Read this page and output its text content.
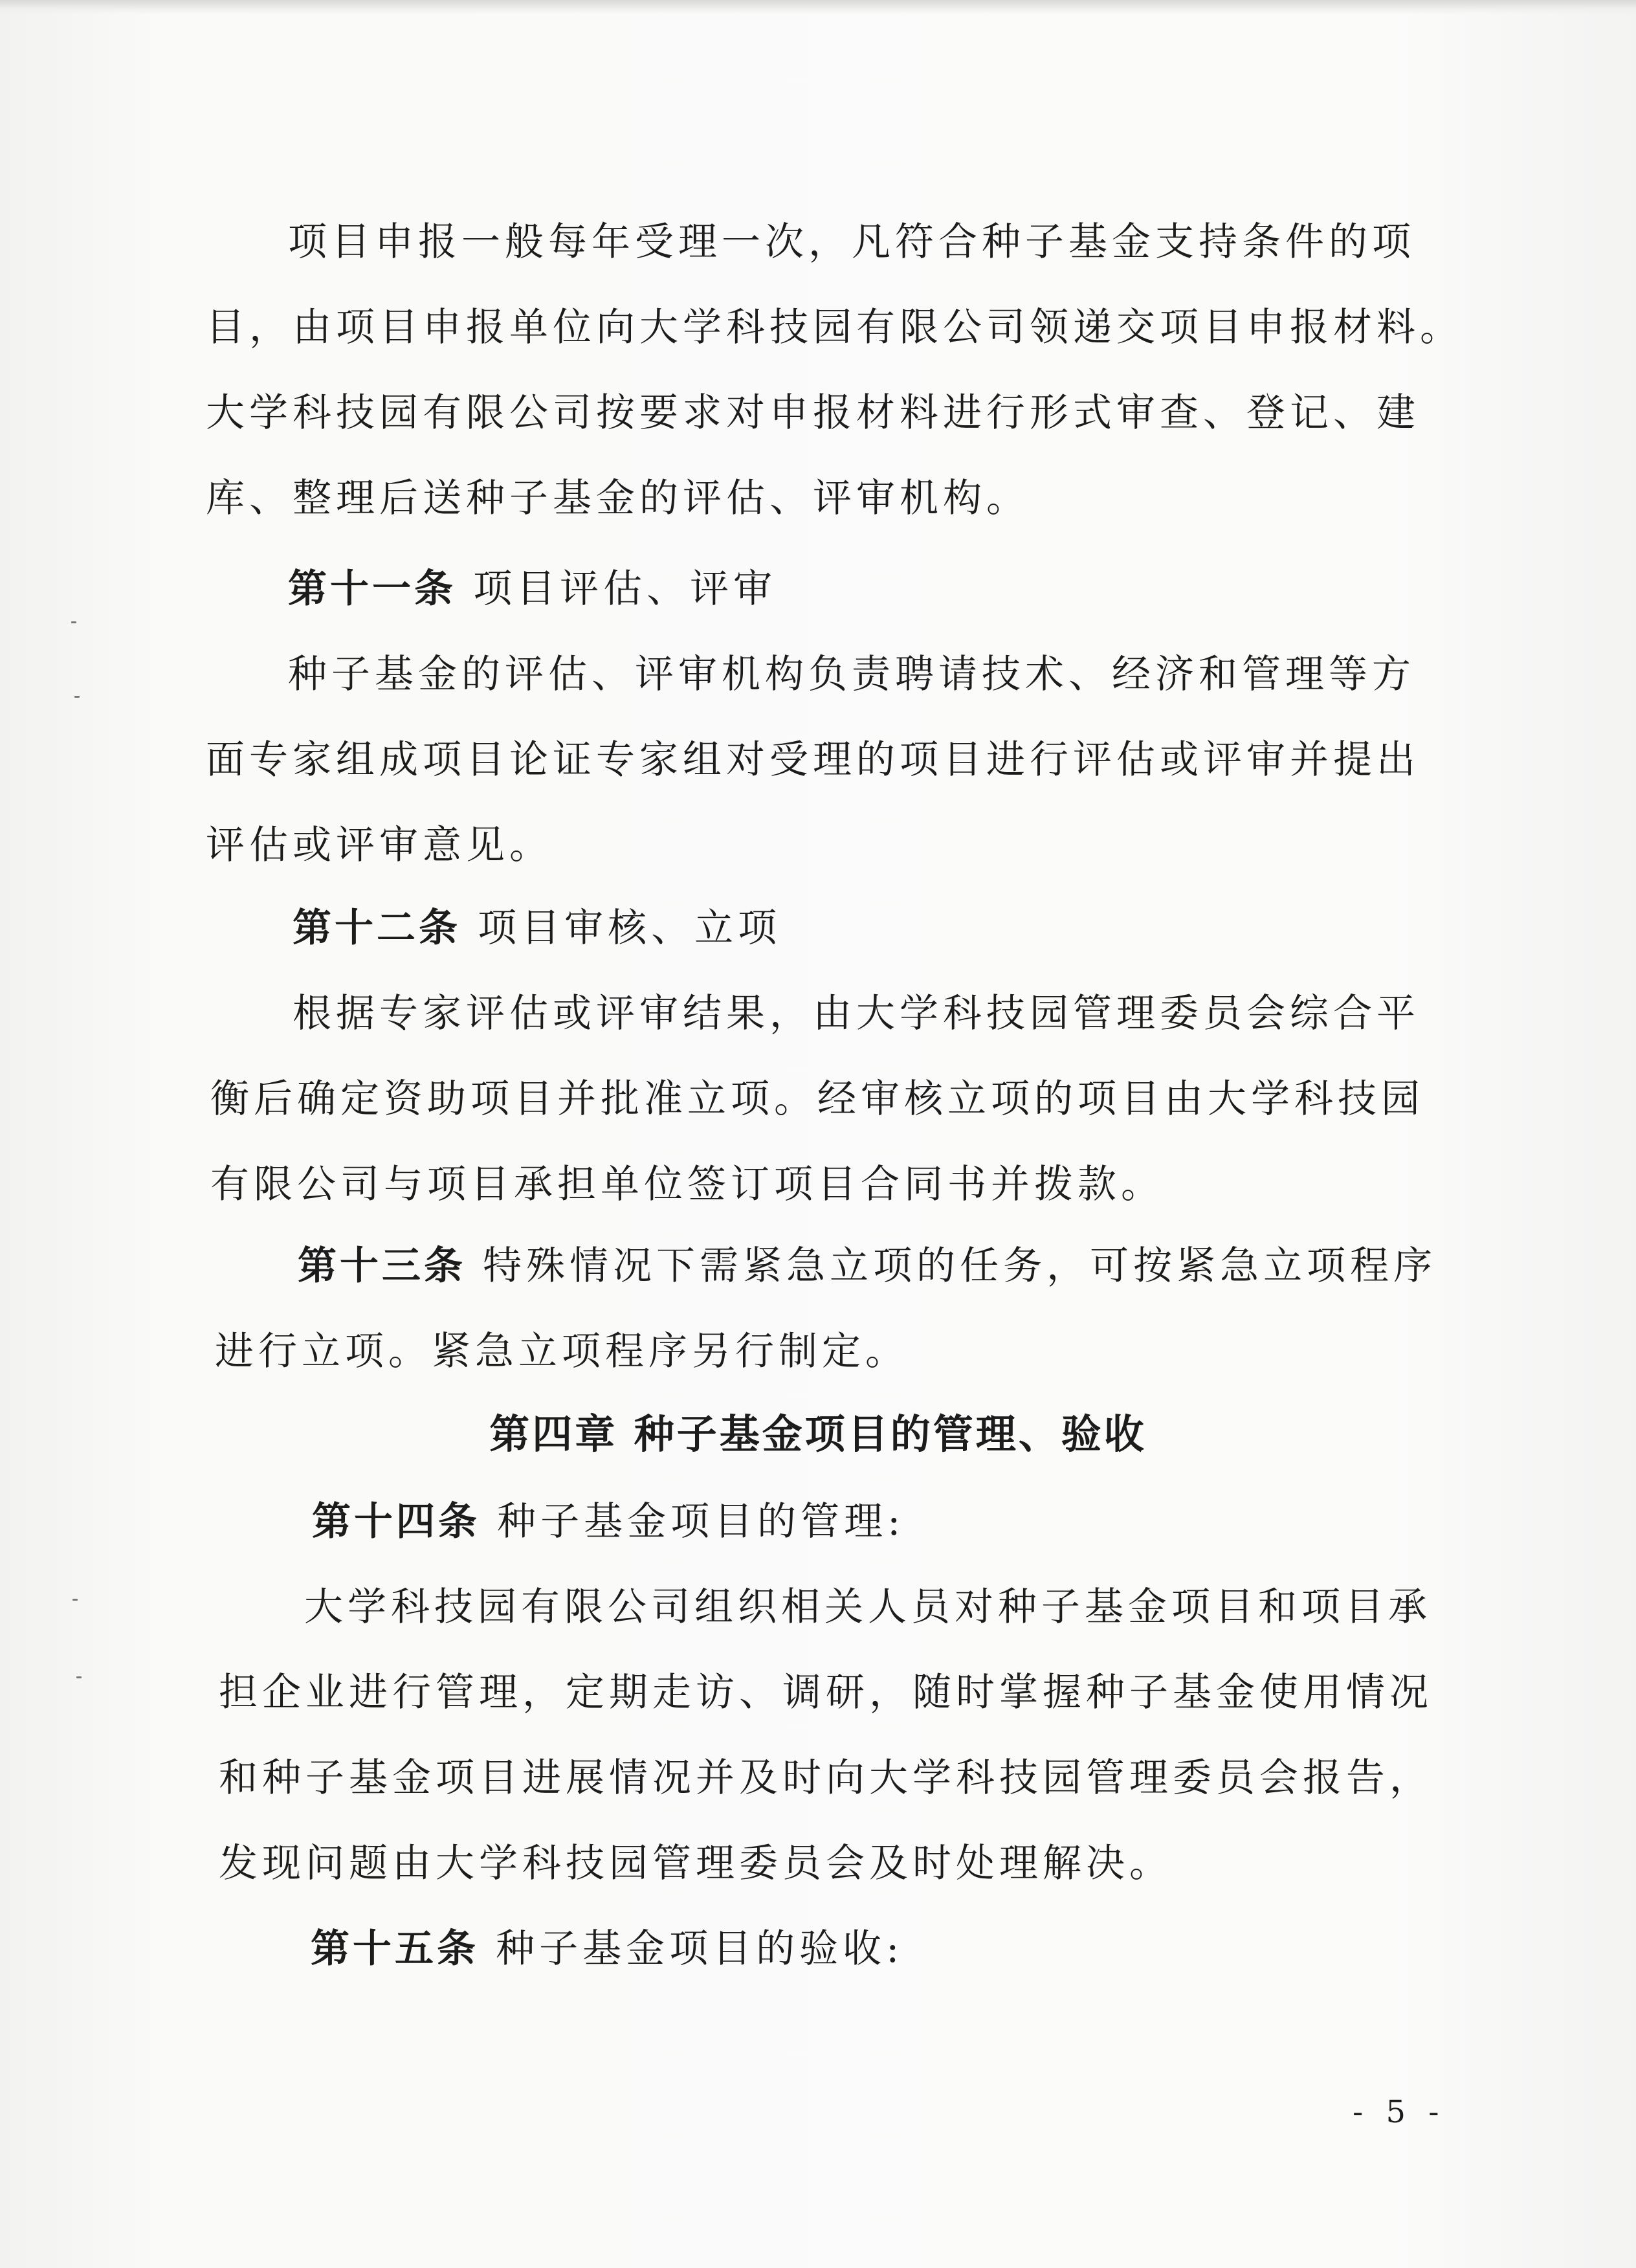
项目申报一般每年受理一次，凡符合种子基金支持条件的项
目，由项目申报单位向大学科技园有限公司领递交项目申报材料。
大学科技园有限公司按要求对申报材料进行形式审查、登记、建
库、整理后送种子基金的评估、评审机构。
第十一条 项目评估、评审
种子基金的评估、评审机构负责聘请技术、经济和管理等方
面专家组成项目论证专家组对受理的项目进行评估或评审并提出
评估或评审意见。
第十二条 项目审核、立项
根据专家评估或评审结果，由大学科技园管理委员会综合平
衡后确定资助项目并批准立项。经审核立项的项目由大学科技园
有限公司与项目承担单位签订项目合同书并拨款。
第十三条 特殊情况下需紧急立项的任务，可按紧急立项程序
进行立项。紧急立项程序另行制定。
第四章 种子基金项目的管理、验收
第十四条 种子基金项目的管理:
大学科技园有限公司组织相关人员对种子基金项目和项目承
担企业进行管理，定期走访、调研，随时掌握种子基金使用情况
和种子基金项目进展情况并及时向大学科技园管理委员会报告，
发现问题由大学科技园管理委员会及时处理解决。
第十五条 种子基金项目的验收:
- 5 -
